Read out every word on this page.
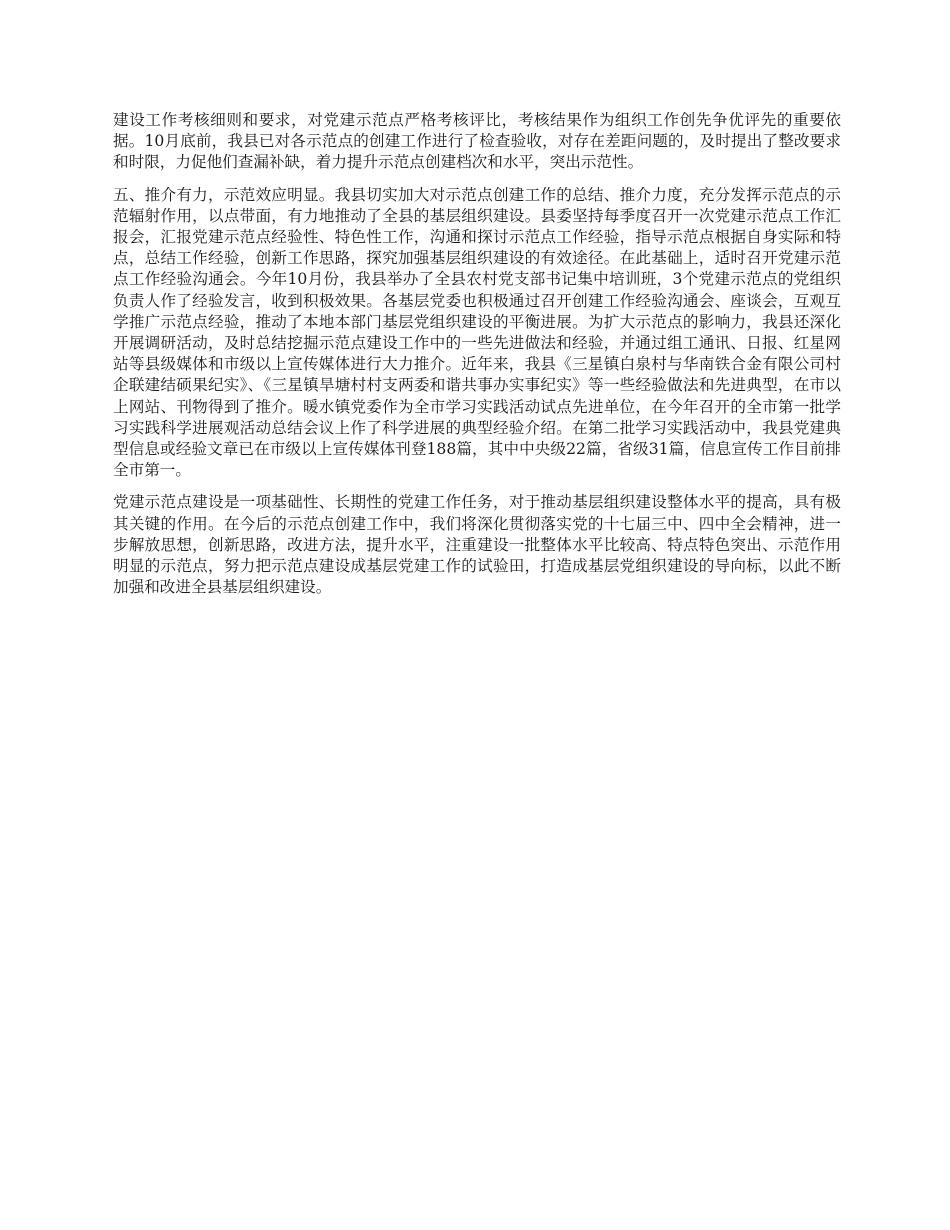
建设工作考核细则和要求，对党建示范点严格考核评比，考核结果作为组织工作创先争优评先的重要依据。10月底前，我县已对各示范点的创建工作进行了检查验收，对存在差距问题的，及时提出了整改要求和时限，力促他们查漏补缺，着力提升示范点创建档次和水平，突出示范性。

五、推介有力，示范效应明显。我县切实加大对示范点创建工作的总结、推介力度，充分发挥示范点的示范辐射作用，以点带面，有力地推动了全县的基层组织建设。县委坚持每季度召开一次党建示范点工作汇报会，汇报党建示范点经验性、特色性工作，沟通和探讨示范点工作经验，指导示范点根据自身实际和特点，总结工作经验，创新工作思路，探究加强基层组织建设的有效途径。在此基础上，适时召开党建示范点工作经验沟通会。今年10月份，我县举办了全县农村党支部书记集中培训班，3个党建示范点的党组织负责人作了经验发言，收到积极效果。各基层党委也积极通过召开创建工作经验沟通会、座谈会，互观互学推广示范点经验，推动了本地本部门基层党组织建设的平衡进展。为扩大示范点的影响力，我县还深化开展调研活动，及时总结挖掘示范点建设工作中的一些先进做法和经验，并通过组工通讯、日报、红星网站等县级媒体和市级以上宣传媒体进行大力推介。近年来，我县《三星镇白泉村与华南铁合金有限公司村企联建结硕果纪实》、《三星镇旱塘村村支两委和谐共事办实事纪实》等一些经验做法和先进典型，在市以上网站、刊物得到了推介。暖水镇党委作为全市学习实践活动试点先进单位，在今年召开的全市第一批学习实践科学进展观活动总结会议上作了科学进展的典型经验介绍。在第二批学习实践活动中，我县党建典型信息或经验文章已在市级以上宣传媒体刊登188篇，其中中央级22篇，省级31篇，信息宣传工作目前排全市第一。

党建示范点建设是一项基础性、长期性的党建工作任务，对于推动基层组织建设整体水平的提高，具有极其关键的作用。在今后的示范点创建工作中，我们将深化贯彻落实党的十七届三中、四中全会精神，进一步解放思想，创新思路，改进方法，提升水平，注重建设一批整体水平比较高、特点特色突出、示范作用明显的示范点，努力把示范点建设成基层党建工作的试验田，打造成基层党组织建设的导向标，以此不断加强和改进全县基层组织建设。
